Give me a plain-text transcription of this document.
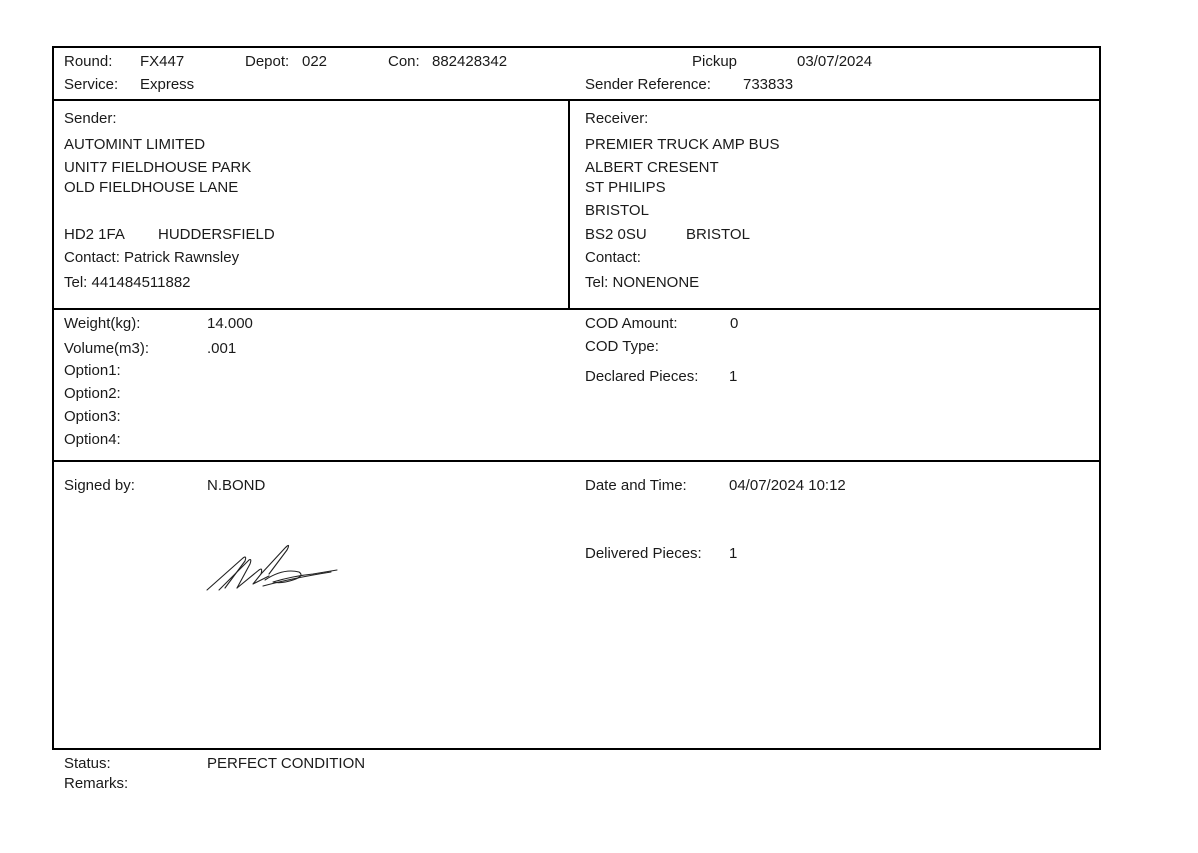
Round: FX447	Depot: 022	Con: 882428342	Pickup	03/07/2024
Service: Express	Sender Reference: 733833
Sender:
AUTOMINT LIMITED
UNIT7 FIELDHOUSE PARK
OLD FIELDHOUSE LANE
HD2 1FA HUDDERSFIELD
Contact: Patrick Rawnsley
Tel: 441484511882
Receiver:
PREMIER TRUCK AMP BUS
ALBERT CRESENT
ST PHILIPS
BRISTOL
BS2 0SU	BRISTOL
Contact:
Tel: NONENONE
Weight(kg):	14.000
Volume(m3):	.001
Option1:
Option2:
Option3:
Option4:
COD Amount:	0
COD Type:
Declared Pieces: 1
Signed by:	N.BOND	Date and Time:	04/07/2024 10:12
Delivered Pieces: 1
Status:	PERFECT CONDITION
Remarks:
